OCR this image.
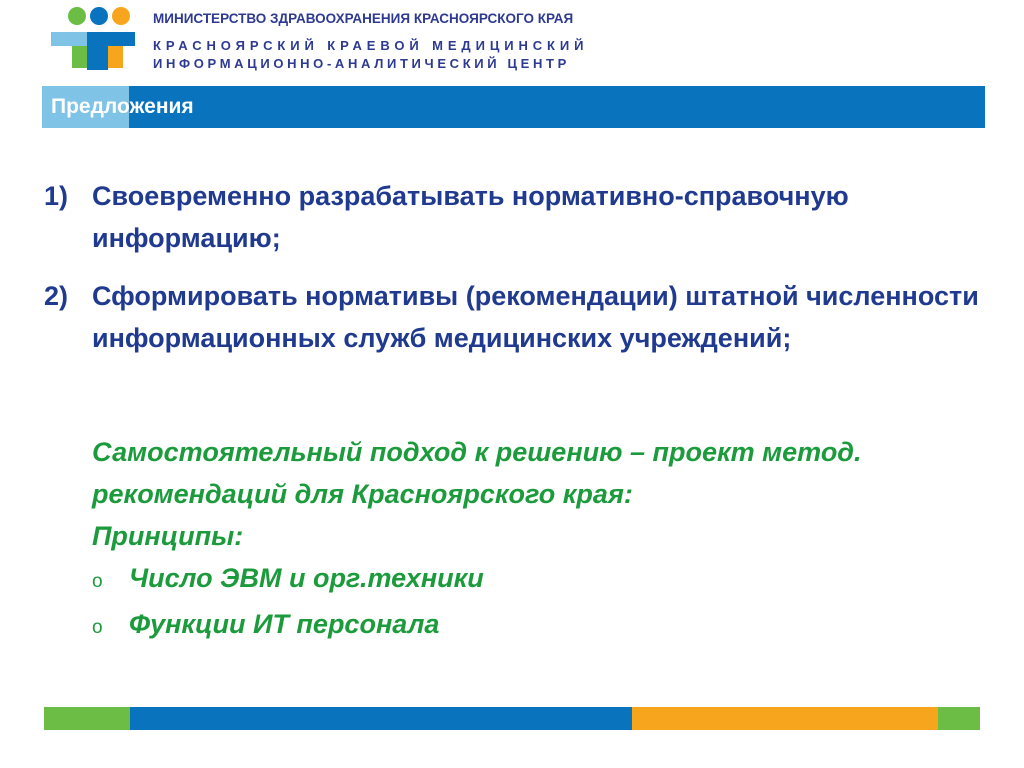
МИНИСТЕРСТВО ЗДРАВООХРАНЕНИЯ КРАСНОЯРСКОГО КРАЯ
КРАСНОЯРСКИЙ КРАЕВОЙ МЕДИЦИНСКИЙ
ИНФОРМАЦИОННО-АНАЛИТИЧЕСКИЙ ЦЕНТР
Предложения
1) Своевременно разрабатывать нормативно-справочную информацию;
2) Сформировать нормативы (рекомендации) штатной численности информационных служб медицинских учреждений;

Самостоятельный подход к решению – проект метод. рекомендаций для Красноярского края:

Принципы:

o Число ЭВМ и орг.техники
o Функции ИТ персонала
